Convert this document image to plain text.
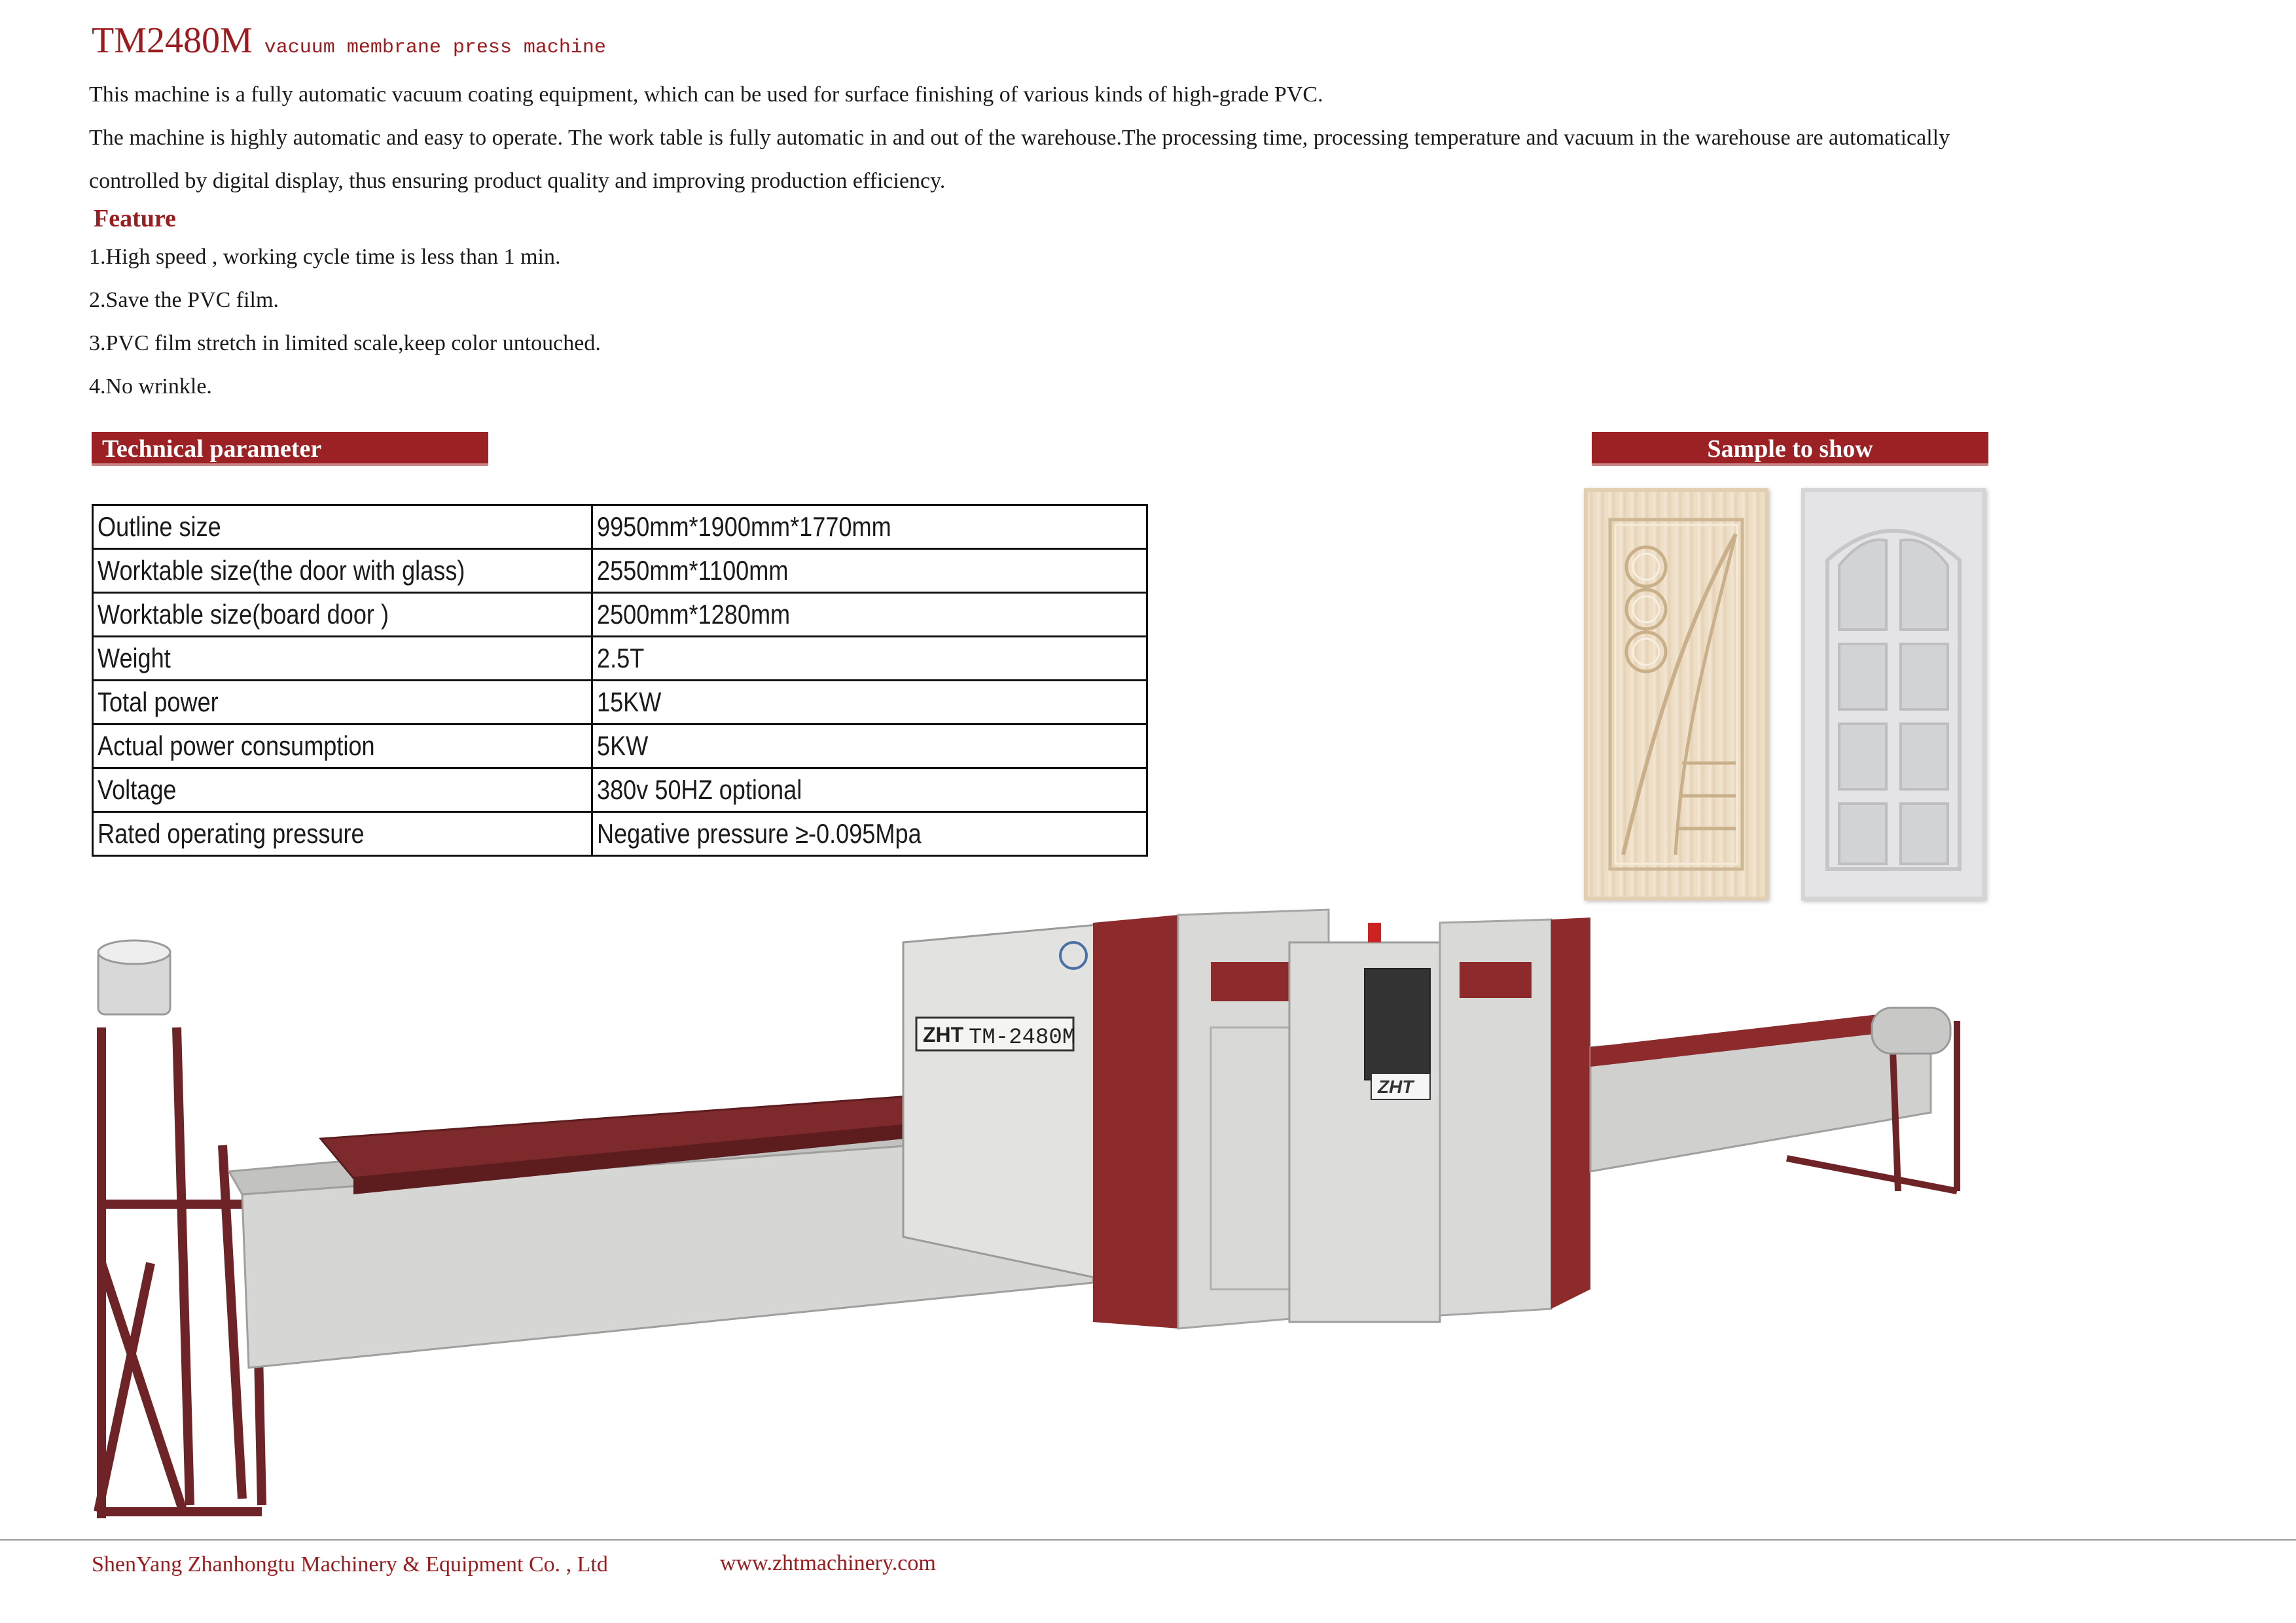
TM2480M vacuum membrane press machine
This machine is a fully automatic vacuum coating equipment, which can be used for surface finishing of various kinds of high-grade PVC.
The machine is highly automatic and easy to operate. The work table is fully automatic in and out of the warehouse.The processing time, processing temperature and vacuum in the warehouse are automatically
controlled by digital display, thus ensuring product quality and improving production efficiency.
Feature
1.High speed , working cycle time is less than 1 min.
2.Save the PVC film.
3.PVC film stretch in limited scale,keep color untouched.
4.No wrinkle.
Technical parameter	Sample to show
Outline size	9950mm*1900mm*1770mm
Worktable size(the door with glass)	2550mm*1100mm
Worktable size(board door )	2500mm*1280mm
Weight	2.5T
Total power	15KW
Actual power consumption	5KW
Voltage	380v 50HZ optional
Rated operating pressure	Negative pressure ≥-0.095Mpa
ZHT TM-2480M
ZHT
ShenYang Zhanhongtu Machinery & Equipment Co. , Ltd	www.zhtmachinery.com
